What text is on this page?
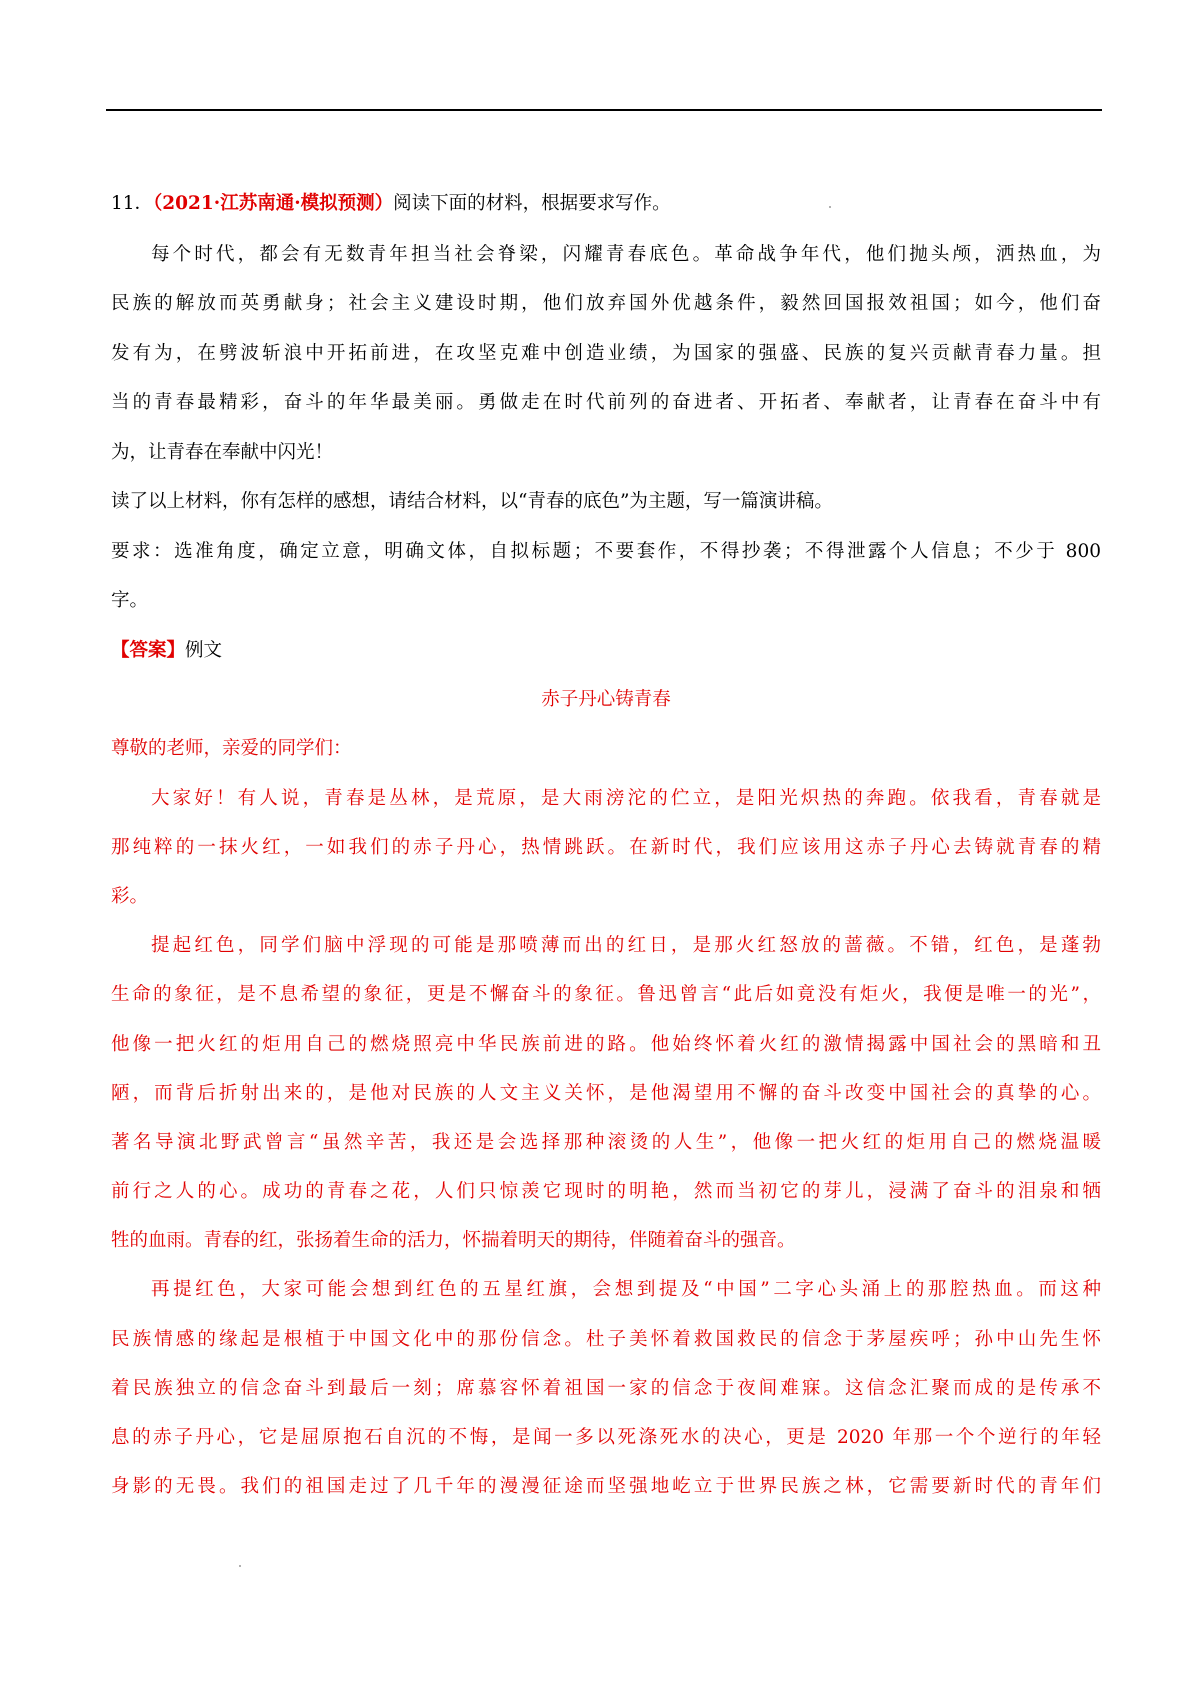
11．（2021·江苏南通·模拟预测）阅读下面的材料，根据要求写作。
每个时代，都会有无数青年担当社会脊梁，闪耀青春底色。革命战争年代，他们抛头颅，洒热血，为
民族的解放而英勇献身；社会主义建设时期，他们放弃国外优越条件，毅然回国报效祖国；如今，他们奋
发有为，在劈波斩浪中开拓前进，在攻坚克难中创造业绩，为国家的强盛、民族的复兴贡献青春力量。担
当的青春最精彩，奋斗的年华最美丽。勇做走在时代前列的奋进者、开拓者、奉献者，让青春在奋斗中有
为，让青春在奉献中闪光！
读了以上材料，你有怎样的感想，请结合材料，以“青春的底色”为主题，写一篇演讲稿。
要求：选准角度，确定立意，明确文体，自拟标题；不要套作，不得抄袭；不得泄露个人信息；不少于 800
字。
【答案】例文
赤子丹心铸青春
尊敬的老师，亲爱的同学们：
大家好！有人说，青春是丛林，是荒原，是大雨滂沱的伫立，是阳光炽热的奔跑。依我看，青春就是
那纯粹的一抹火红，一如我们的赤子丹心，热情跳跃。在新时代，我们应该用这赤子丹心去铸就青春的精
彩。
提起红色，同学们脑中浮现的可能是那喷薄而出的红日，是那火红怒放的蔷薇。不错，红色，是蓬勃
生命的象征，是不息希望的象征，更是不懈奋斗的象征。鲁迅曾言“此后如竟没有炬火，我便是唯一的光”，
他像一把火红的炬用自己的燃烧照亮中华民族前进的路。他始终怀着火红的激情揭露中国社会的黑暗和丑
陋，而背后折射出来的，是他对民族的人文主义关怀，是他渴望用不懈的奋斗改变中国社会的真挚的心。
著名导演北野武曾言“虽然辛苦，我还是会选择那种滚烫的人生”，他像一把火红的炬用自己的燃烧温暖
前行之人的心。成功的青春之花，人们只惊羡它现时的明艳，然而当初它的芽儿，浸满了奋斗的泪泉和牺
牲的血雨。青春的红，张扬着生命的活力，怀揣着明天的期待，伴随着奋斗的强音。
再提红色，大家可能会想到红色的五星红旗，会想到提及“中国”二字心头涌上的那腔热血。而这种
民族情感的缘起是根植于中国文化中的那份信念。杜子美怀着救国救民的信念于茅屋疾呼；孙中山先生怀
着民族独立的信念奋斗到最后一刻；席慕容怀着祖国一家的信念于夜间难寐。这信念汇聚而成的是传承不
息的赤子丹心，它是屈原抱石自沉的不悔，是闻一多以死涤死水的决心，更是 2020 年那一个个逆行的年轻
身影的无畏。我们的祖国走过了几千年的漫漫征途而坚强地屹立于世界民族之林，它需要新时代的青年们
